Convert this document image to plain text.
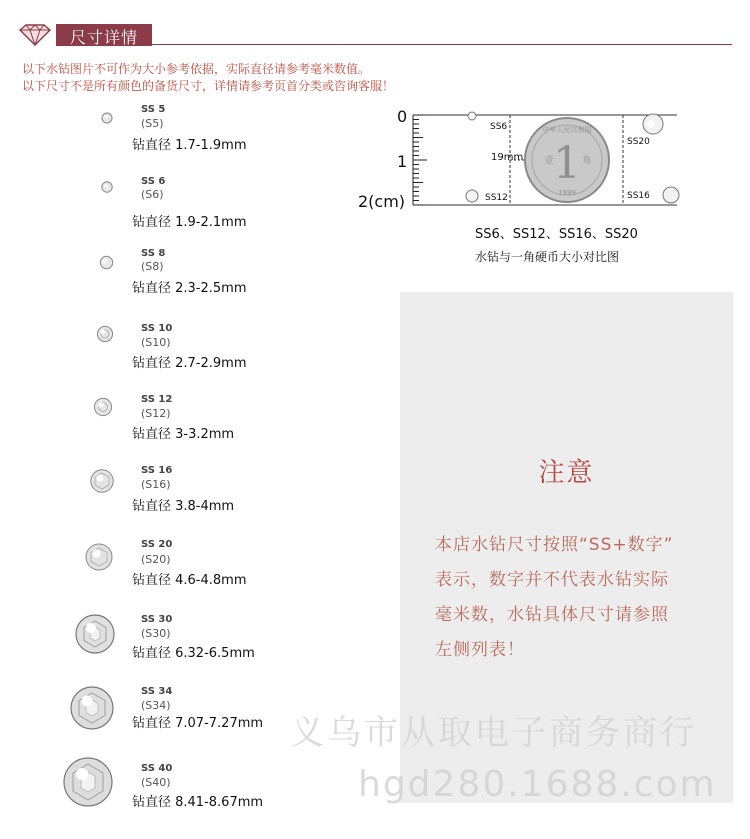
尺寸详情
以下水钻图片不可作为大小参考依据，实际直径请参考毫米数值。
以下尺寸不是所有颜色的备货尺寸，详情请参考页首分类或咨询客服！
SS 5
(S5)
钻直径 1.7-1.9mm
SS 6
(S6)
钻直径 1.9-2.1mm
SS 8
(S8)
钻直径 2.3-2.5mm
SS 10
(S10)
钻直径 2.7-2.9mm
SS 12
(S12)
钻直径 3-3.2mm
SS 16
(S16)
钻直径 3.8-4mm
SS 20
(S20)
钻直径 4.6-4.8mm
SS 30
(S30)
钻直径 6.32-6.5mm
SS 34
(S34)
钻直径 7.07-7.27mm
SS 40
(S40)
钻直径 8.41-8.67mm
1
中华人民共和国
壹	角
1999
0
1
2(cm)
SS6
19mm
SS12
SS20
SS16
SS6、SS12、SS16、SS20
水钻与一角硬币大小对比图
注意
本店水钻尺寸按照“SS+数字”
表示，数字并不代表水钻实际
毫米数，水钻具体尺寸请参照
左侧列表！
义乌市从取电子商务商行
hgd280.1688.com
